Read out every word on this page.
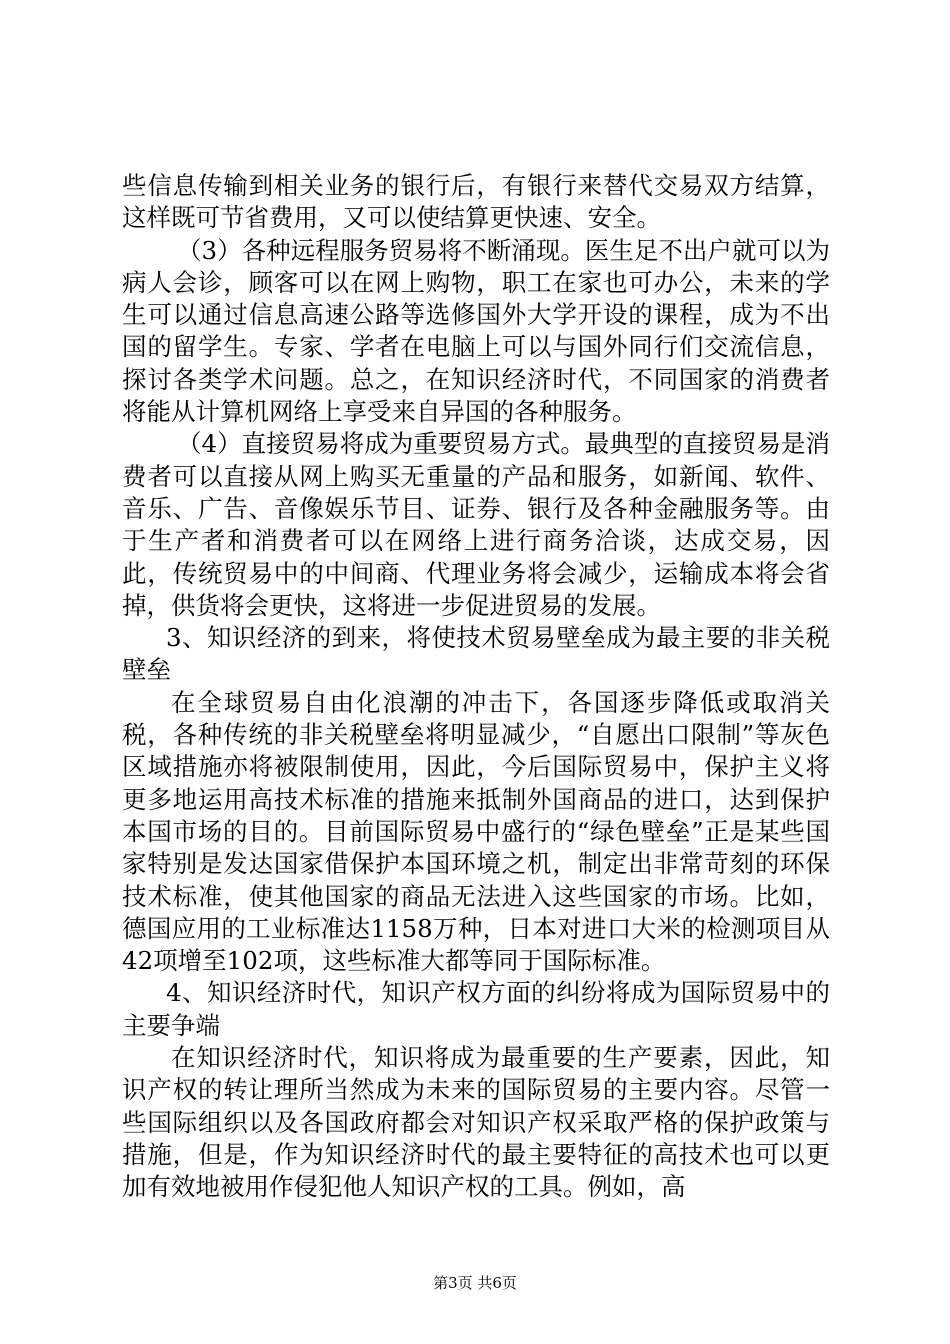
些信息传输到相关业务的银行后，有银行来替代交易双方结算，这样既可节省费用，又可以使结算更快速、安全。

（3）各种远程服务贸易将不断涌现。医生足不出户就可以为病人会诊，顾客可以在网上购物，职工在家也可办公，未来的学生可以通过信息高速公路等选修国外大学开设的课程，成为不出国的留学生。专家、学者在电脑上可以与国外同行们交流信息，探讨各类学术问题。总之，在知识经济时代，不同国家的消费者将能从计算机网络上享受来自异国的各种服务。

（4）直接贸易将成为重要贸易方式。最典型的直接贸易是消费者可以直接从网上购买无重量的产品和服务，如新闻、软件、音乐、广告、音像娱乐节目、证券、银行及各种金融服务等。由于生产者和消费者可以在网络上进行商务洽谈，达成交易，因此，传统贸易中的中间商、代理业务将会减少，运输成本将会省掉，供货将会更快，这将进一步促进贸易的发展。

3、知识经济的到来，将使技术贸易壁垒成为最主要的非关税壁垒

在全球贸易自由化浪潮的冲击下，各国逐步降低或取消关税，各种传统的非关税壁垒将明显减少，“自愿出口限制”等灰色区域措施亦将被限制使用，因此，今后国际贸易中，保护主义将更多地运用高技术标准的措施来抵制外国商品的进口，达到保护本国市场的目的。目前国际贸易中盛行的“绿色壁垒”正是某些国家特别是发达国家借保护本国环境之机，制定出非常苛刻的环保技术标准，使其他国家的商品无法进入这些国家的市场。比如，德国应用的工业标准达1158万种，日本对进口大米的检测项目从42项增至102项，这些标准大都等同于国际标准。

4、知识经济时代，知识产权方面的纠纷将成为国际贸易中的主要争端

在知识经济时代，知识将成为最重要的生产要素，因此，知识产权的转让理所当然成为未来的国际贸易的主要内容。尽管一些国际组织以及各国政府都会对知识产权采取严格的保护政策与措施，但是，作为知识经济时代的最主要特征的高技术也可以更加有效地被用作侵犯他人知识产权的工具。例如，高

第3页 共6页
